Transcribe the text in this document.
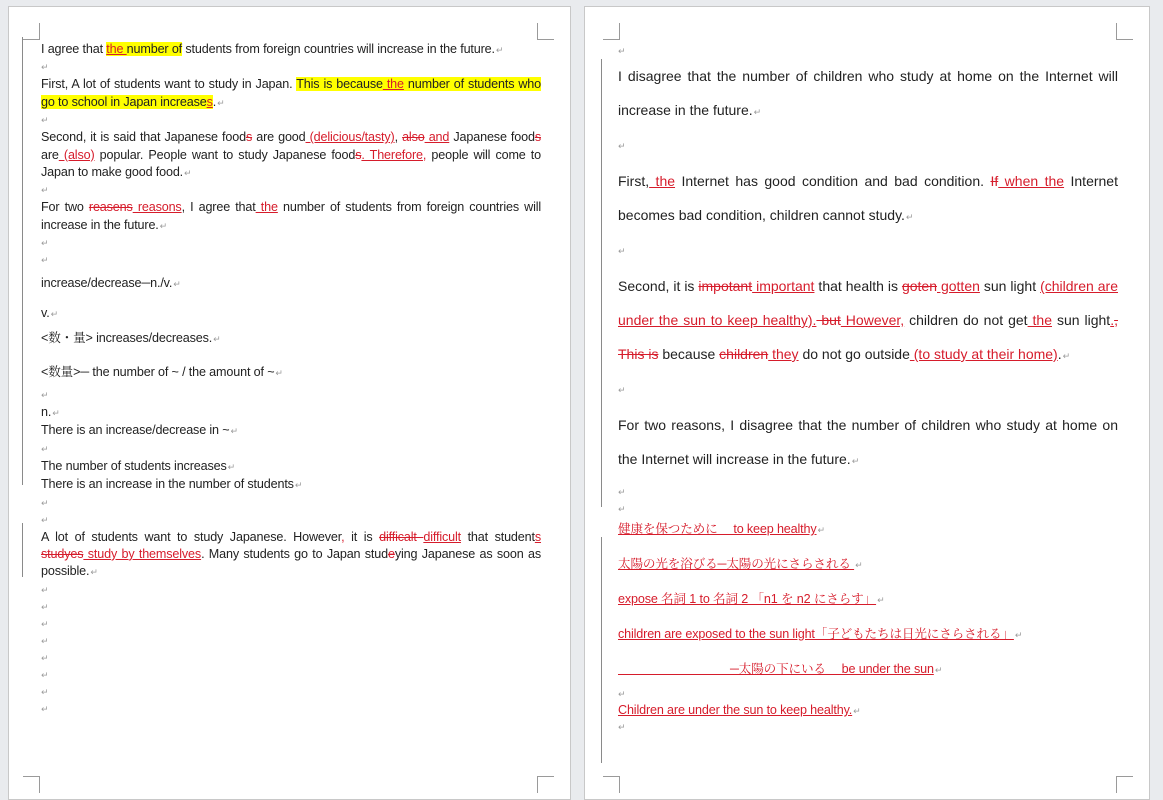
I agree that the number of students from foreign countries will increase in the future.↵

↵

First, A lot of students want to study in Japan. This is because the number of students who go to school in Japan increases.↵

↵

Second, it is said that Japanese foods are good (delicious/tasty), also and Japanese foods are (also) popular. People want to study Japanese foods. Therefore, people will come to Japan to make good food.↵

↵

For two reasens reasons, I agree that the number of students from foreign countries will increase in the future.↵

↵
↵

increase/decrease─n./v.↵

v.↵

<数・量> increases/decreases.↵

<数量>─ the number of ~ / the amount of ~↵

↵

n.↵

There is an increase/decrease in ~↵

↵

The number of students increases↵

There is an increase in the number of students↵

↵
↵

A lot of students want to study Japanese. However, it is difficalt difficult that students studyes study by themselves. Many students go to Japan studeying Japanese as soon as possible.↵

↵
↵
↵
↵
↵
↵
↵
↵
↵

I disagree that the number of children who study at home on the Internet will increase in the future.↵

↵

First, the Internet has good condition and bad condition. If when the Internet becomes bad condition, children cannot study.↵

↵

Second, it is impotant important that health is goten gotten sun light (children are under the sun to keep healthy). but However, children do not get the sun light., This is because children they do not go outside (to study at their home).↵

↵

For two reasons, I disagree that the number of children who study at home on the Internet will increase in the future.↵

↵
↵
健康を保つために　 to keep healthy↵
太陽の光を浴びる─太陽の光にさらされる ↵
expose 名詞 1 to 名詞 2 「n1 を n2 にさらす」↵
children are exposed to the sun light「子どもたちは日光にさらされる」↵
　　　　　　　　　─太陽の下にいる　 be under the sun↵
↵
Children are under the sun to keep healthy.↵
↵
